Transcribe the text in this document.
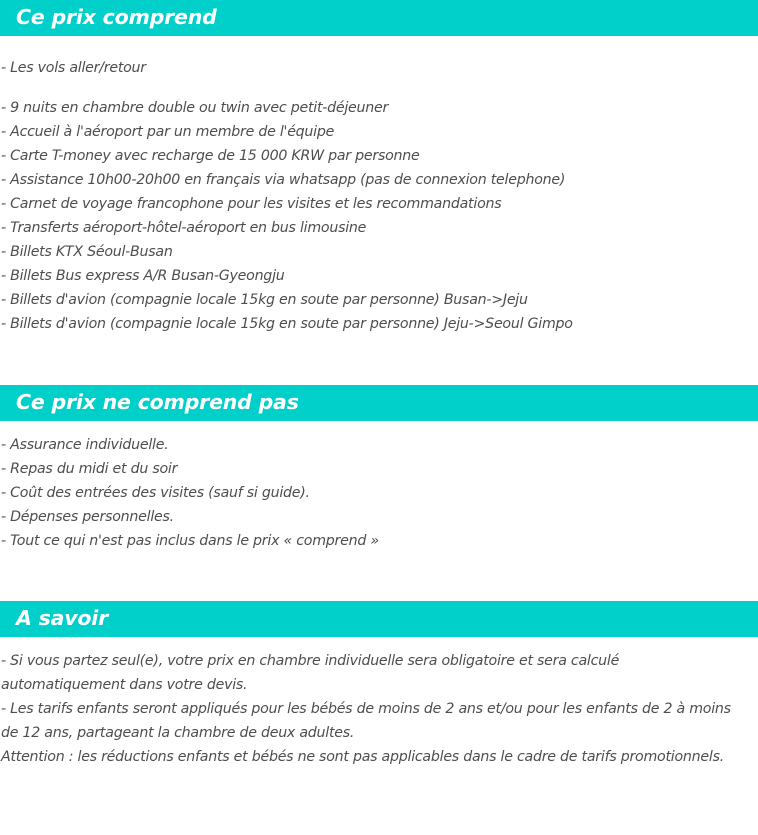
Ce prix comprend
- Les vols aller/retour
- 9 nuits en chambre double ou twin avec petit-déjeuner
- Accueil à l'aéroport par un membre de l'équipe
- Carte T-money avec recharge de 15 000 KRW par personne
- Assistance 10h00-20h00 en français via whatsapp (pas de connexion telephone)
- Carnet de voyage francophone pour les visites et les recommandations
- Transferts aéroport-hôtel-aéroport en bus limousine
- Billets KTX Séoul-Busan
- Billets Bus express A/R Busan-Gyeongju
- Billets d'avion (compagnie locale 15kg en soute par personne) Busan->Jeju
- Billets d'avion (compagnie locale 15kg en soute par personne) Jeju->Seoul Gimpo
Ce prix ne comprend pas
- Assurance individuelle.
- Repas du midi et du soir
- Coût des entrées des visites (sauf si guide).
- Dépenses personnelles.
- Tout ce qui n'est pas inclus dans le prix « comprend »
A savoir
- Si vous partez seul(e), votre prix en chambre individuelle sera obligatoire et sera calculé automatiquement dans votre devis.
- Les tarifs enfants seront appliqués pour les bébés de moins de 2 ans et/ou pour les enfants de 2 à moins de 12 ans, partageant la chambre de deux adultes.
Attention : les réductions enfants et bébés ne sont pas applicables dans le cadre de tarifs promotionnels.
